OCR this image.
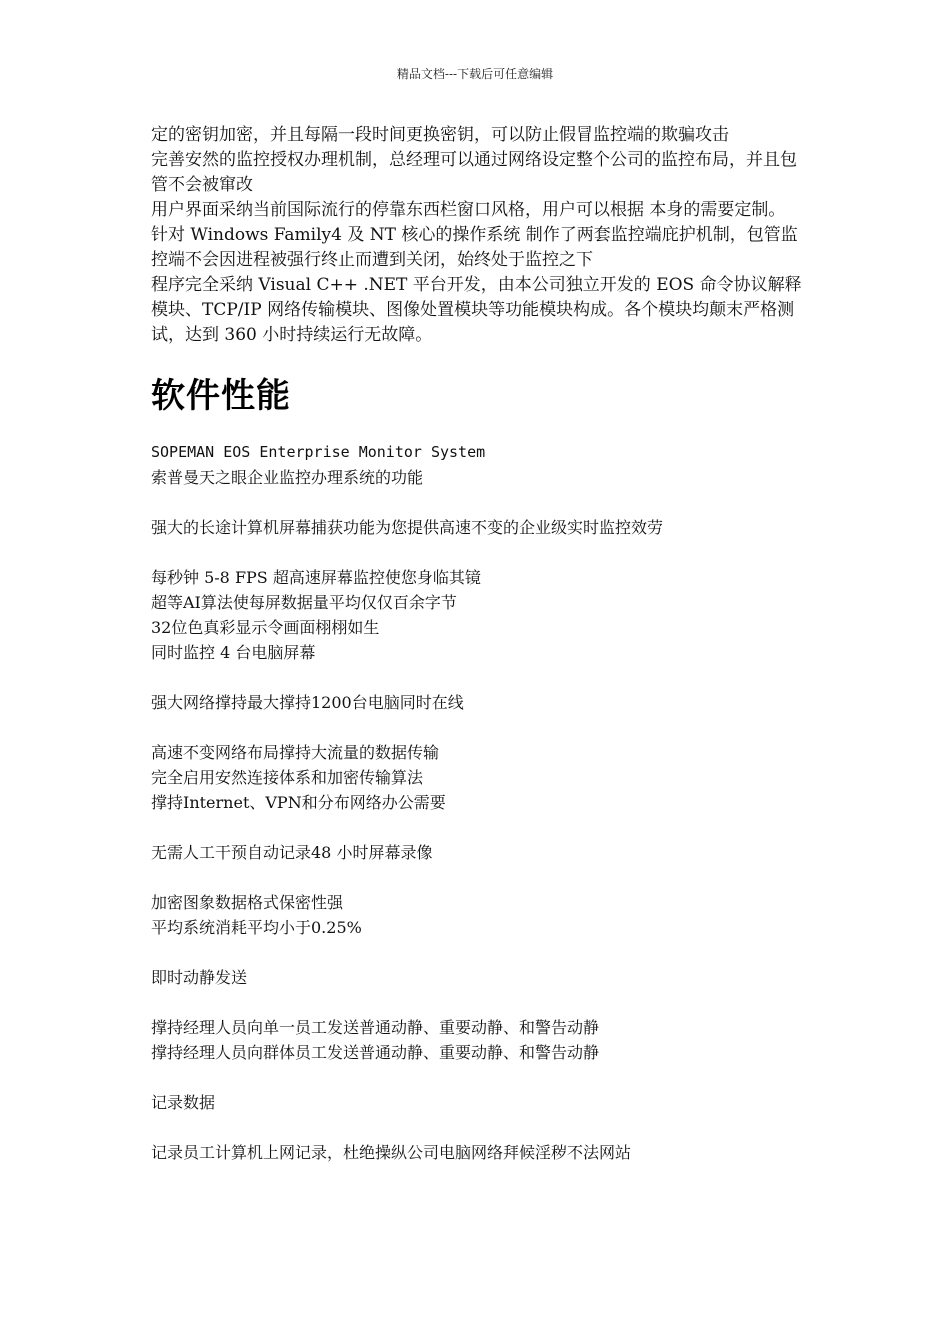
精品文档---下载后可任意编辑

定的密钥加密，并且每隔一段时间更换密钥，可以防止假冒监控端的欺骗攻击

完善安然的监控授权办理机制，总经理可以通过网络设定整个公司的监控布局，并且包管不会被窜改

用户界面采纳当前国际流行的停靠东西栏窗口风格，用户可以根据 本身的需要定制。

针对 Windows Family4 及 NT 核心的操作系统 制作了两套监控端庇护机制，包管监控端不会因进程被强行终止而遭到关闭，始终处于监控之下

程序完全采纳 Visual C++ .NET 平台开发，由本公司独立开发的 EOS 命令协议解释模块、TCP/IP 网络传输模块、图像处置模块等功能模块构成。各个模块均颠末严格测试，达到 360 小时持续运行无故障。

软件性能
SOPEMAN EOS Enterprise Monitor System
索普曼天之眼企业监控办理系统的功能
强大的长途计算机屏幕捕获功能为您提供高速不变的企业级实时监控效劳
每秒钟 5-8 FPS 超高速屏幕监控使您身临其镜
超等AI算法使每屏数据量平均仅仅百余字节
32位色真彩显示令画面栩栩如生
同时监控 4 台电脑屏幕
强大网络撑持最大撑持1200台电脑同时在线
高速不变网络布局撑持大流量的数据传输
完全启用安然连接体系和加密传输算法
撑持Internet、VPN和分布网络办公需要
无需人工干预自动记录48 小时屏幕录像
加密图象数据格式保密性强
平均系统消耗平均小于0.25%
即时动静发送
撑持经理人员向单一员工发送普通动静、重要动静、和警告动静
撑持经理人员向群体员工发送普通动静、重要动静、和警告动静
记录数据
记录员工计算机上网记录，杜绝操纵公司电脑网络拜候淫秽不法网站
